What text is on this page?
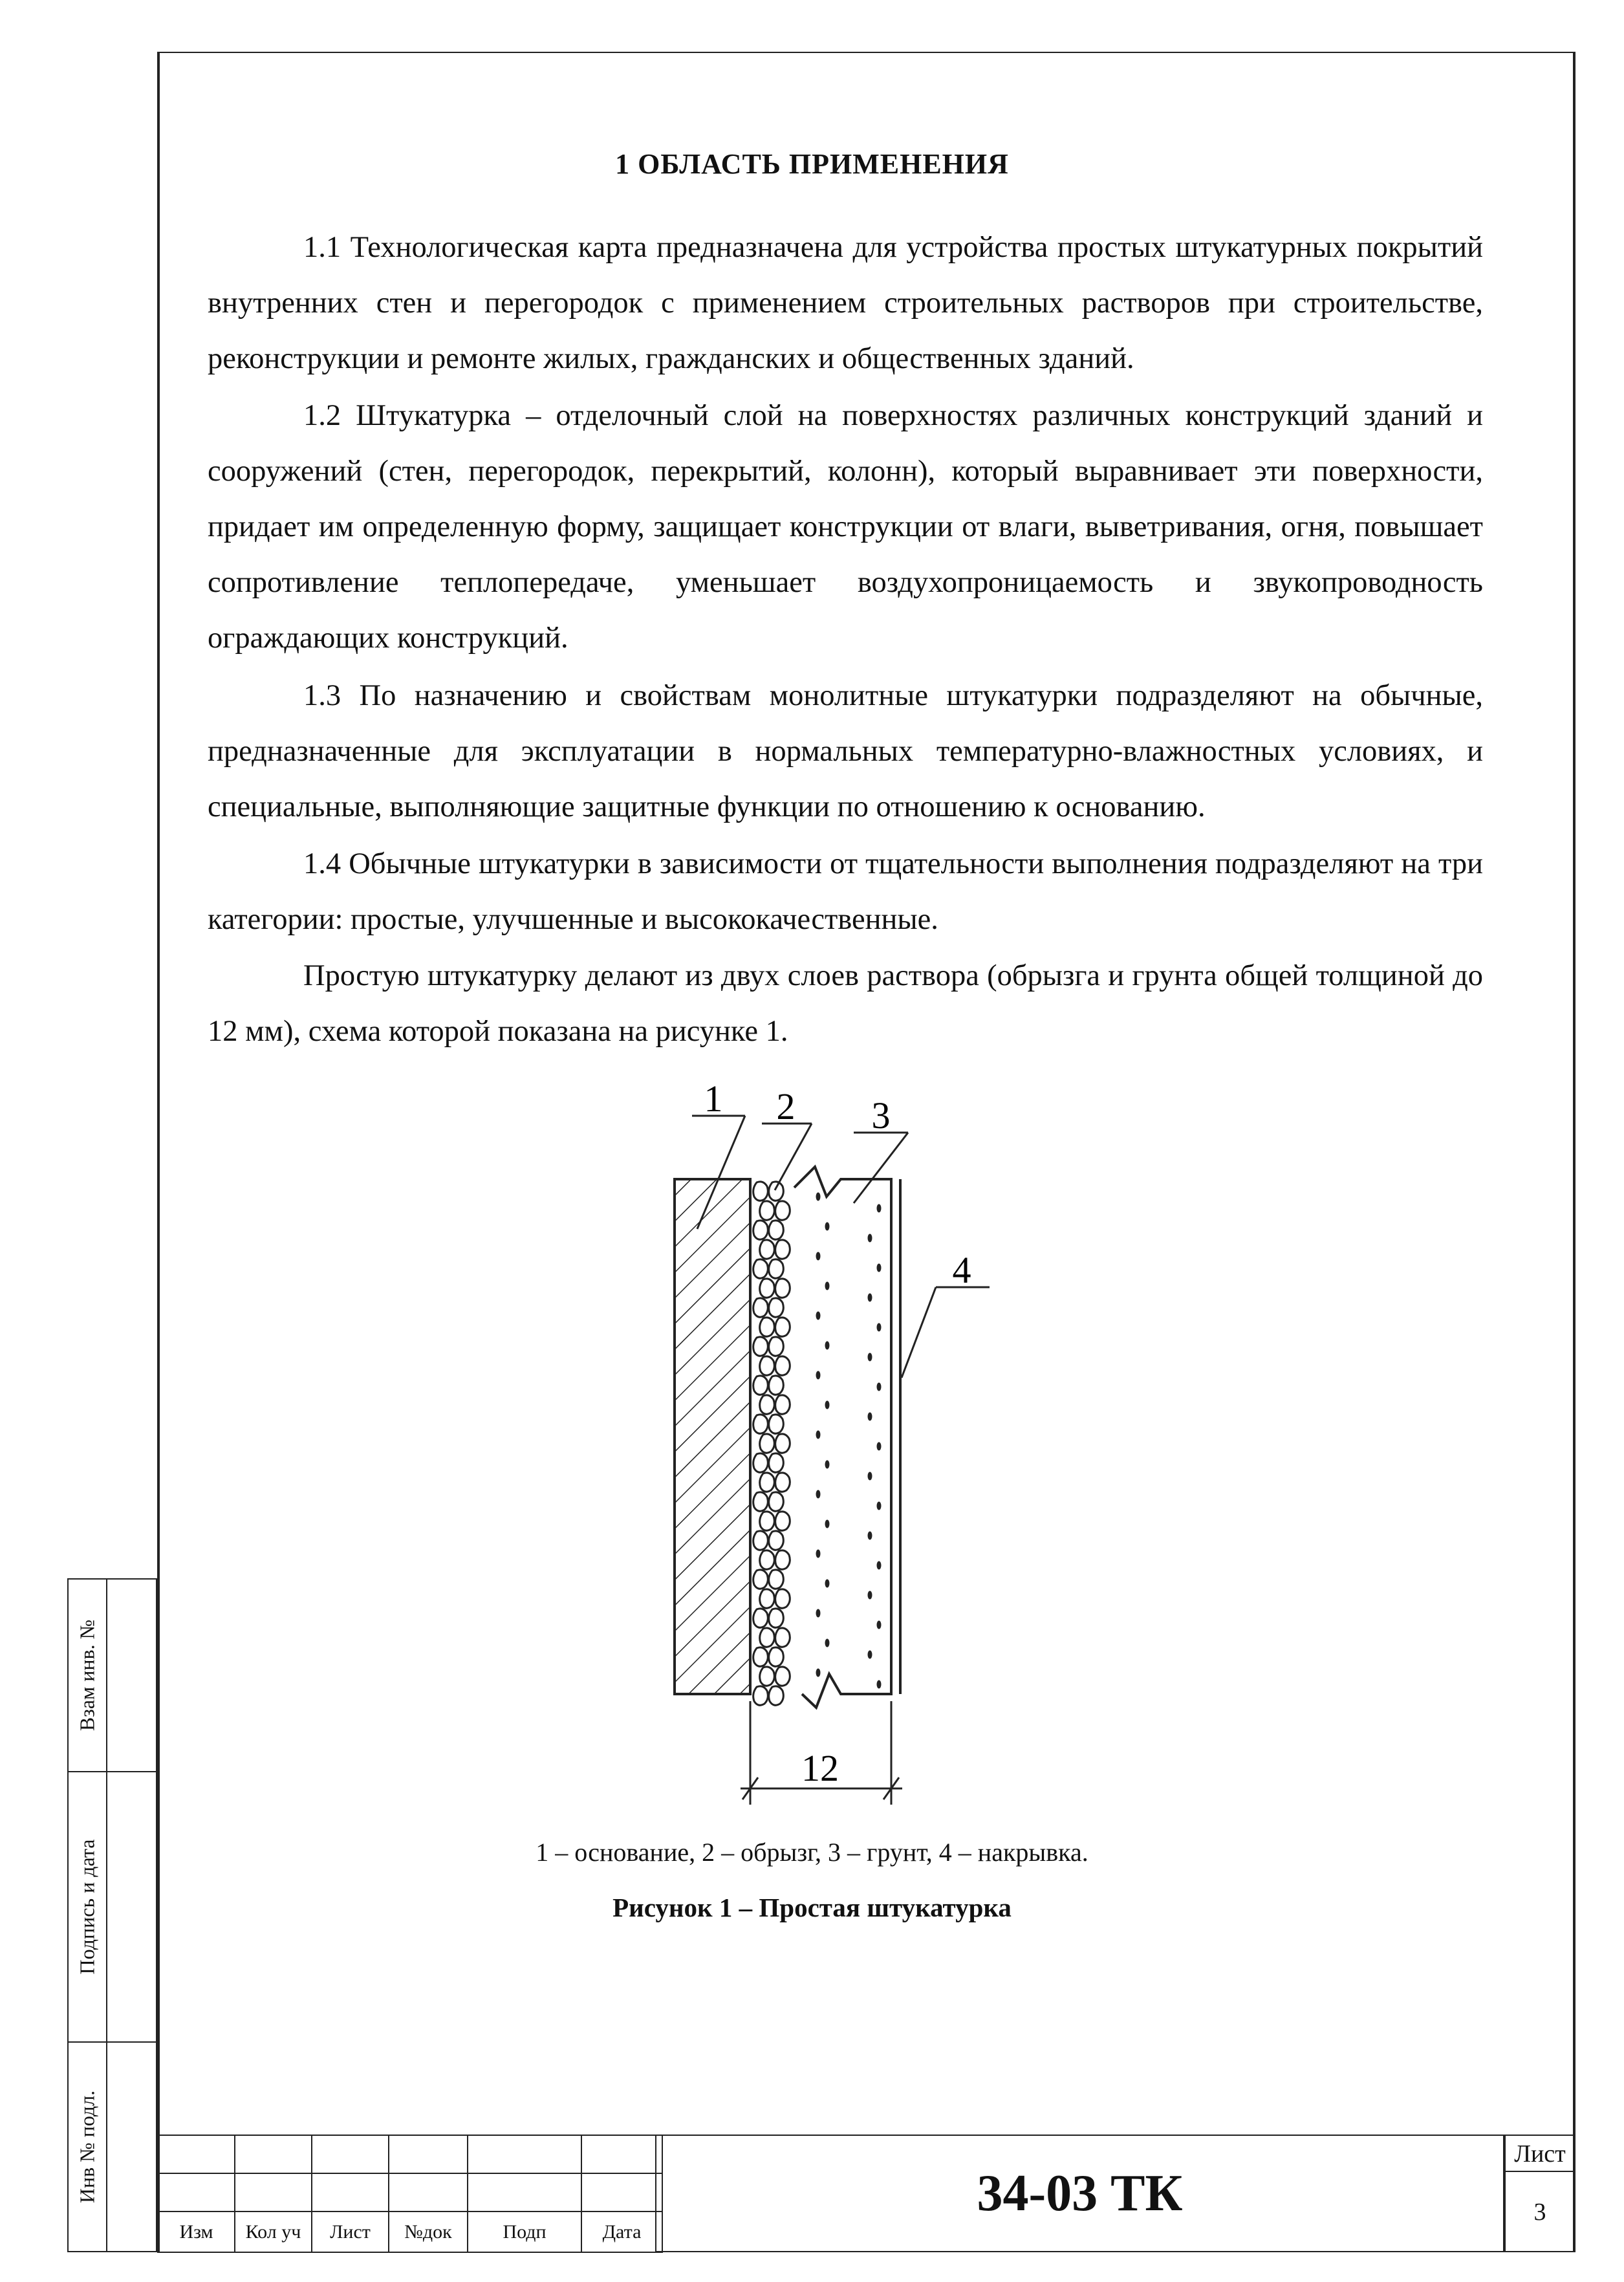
1 ОБЛАСТЬ ПРИМЕНЕНИЯ

1.1 Технологическая карта предназначена для устройства простых штукатурных покрытий внутренних стен и перегородок с применением строительных растворов при строительстве, реконструкции и ремонте жилых, гражданских и общественных зданий.

1.2 Штукатурка – отделочный слой на поверхностях различных конструкций зданий и сооружений (стен, перегородок, перекрытий, колонн), который выравнивает эти поверхности, придает им определенную форму, защищает конструкции от влаги, выветривания, огня, повышает сопротивление теплопередаче, уменьшает воздухопроницаемость и звукопроводность ограждающих конструкций.

1.3 По назначению и свойствам монолитные штукатурки подразделяют на обычные, предназначенные для эксплуатации в нормальных температурно-влажностных условиях, и специальные, выполняющие защитные функции по отношению к основанию.

1.4 Обычные штукатурки в зависимости от тщательности выполнения подразделяют на три категории: простые, улучшенные и высококачественные.

Простую штукатурку делают из двух слоев раствора (обрызга и грунта общей толщиной до 12 мм), схема которой показана на рисунке 1.

1 2 3
4
12
1 – основание, 2 – обрызг, 3 – грунт, 4 – накрывка.
Рисунок 1 – Простая штукатурка
Взам инв. №
Подпись и дата
Инв № подл.

Изм	Кол уч	Лист	№док	Подп	Дата
34-03 ТК
Лист
3
